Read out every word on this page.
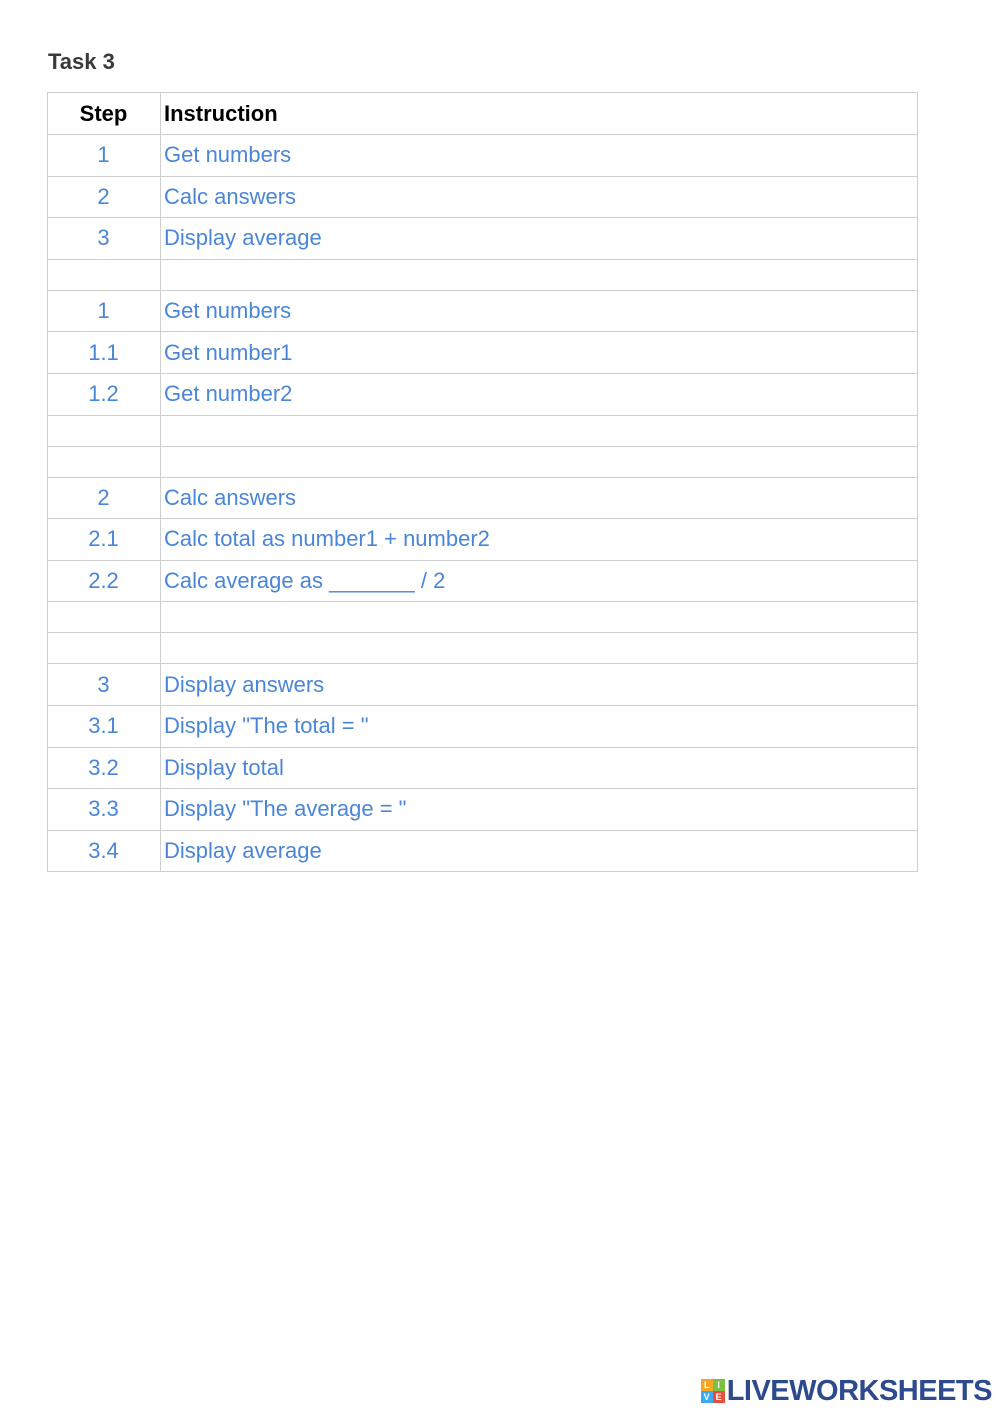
Task 3
Step	Instruction
1	Get numbers
2	Calc answers
3	Display average

1	Get numbers
1.1	Get number1
1.2	Get number2

2	Calc answers
2.1	Calc total as number1 + number2
2.2	Calc average as _______ / 2

3	Display answers
3.1	Display "The total = "
3.2	Display total
3.3	Display "The average = "
3.4	Display average
L I
V E LIVEWORKSHEETS
